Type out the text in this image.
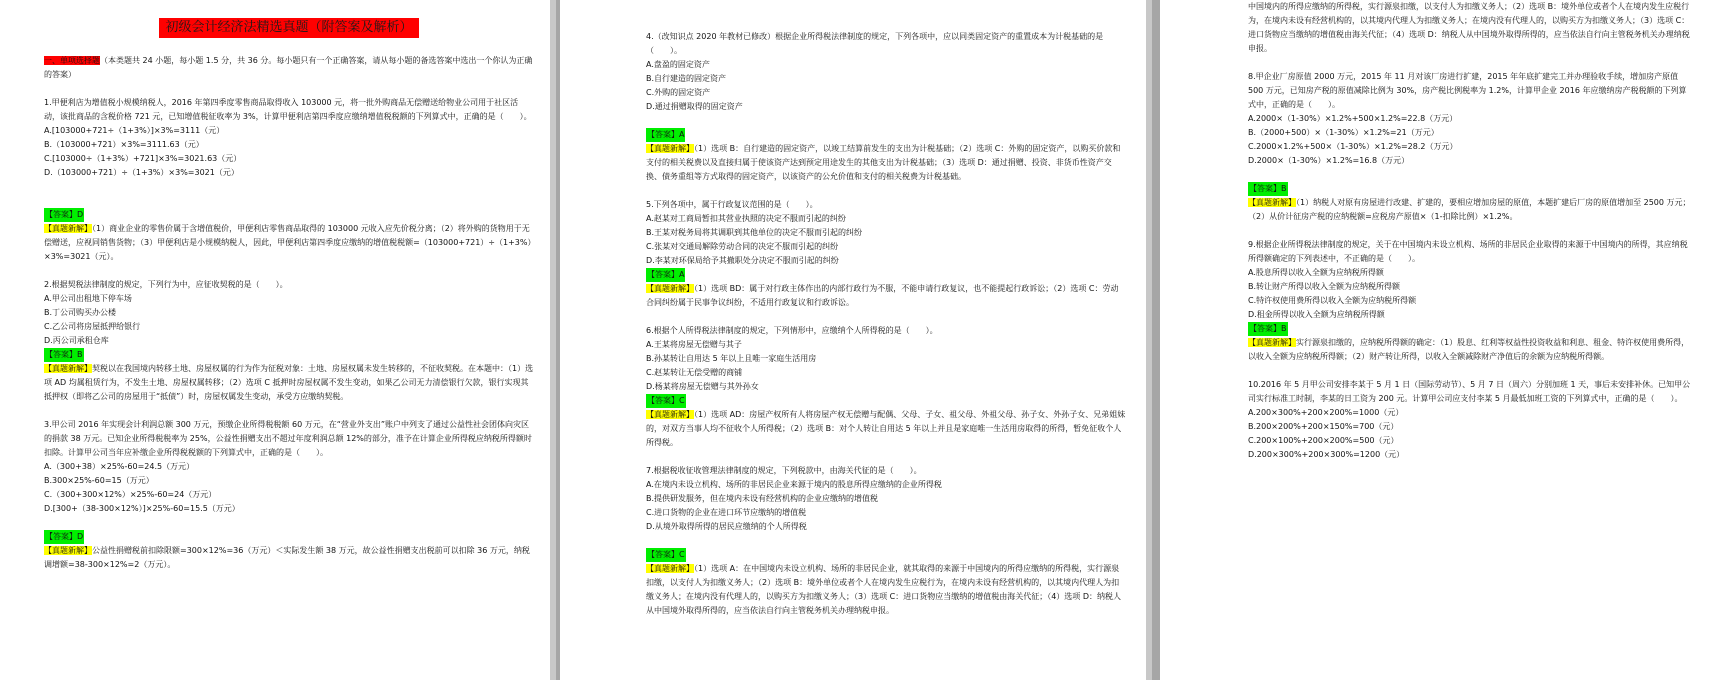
初级会计经济法精选真题（附答案及解析）

一、单项选择题（本类题共 24 小题，每小题 1.5 分，共 36 分。每小题只有一个正确答案，请从每小题的备选答案中选出一个你认为正确的答案）

1.甲便利店为增值税小规模纳税人，2016 年第四季度零售商品取得收入 103000 元，将一批外购商品无偿赠送给物业公司用于社区活动，该批商品的含税价格 721 元，已知增值税征收率为 3%，计算甲便利店第四季度应缴纳增值税税额的下列算式中，正确的是（　　）。

A.[103000+721÷（1+3%）]×3%=3111（元）

B.（103000+721）×3%=3111.63（元）

C.[103000÷（1+3%）+721]×3%=3021.63（元）

D.（103000+721）÷（1+3%）×3%=3021（元）

【答案】D

【真题新解】（1）商业企业的零售价属于含增值税价，甲便利店零售商品取得的 103000 元收入应先价税分离；（2）将外购的货物用于无偿赠送，应视同销售货物；（3）甲便利店是小规模纳税人，因此，甲便利店第四季度应缴纳的增值税税额=（103000+721）÷（1+3%）×3%=3021（元）。

2.根据契税法律制度的规定，下列行为中，应征收契税的是（　　）。

A.甲公司出租地下停车场

B.丁公司购买办公楼

C.乙公司将房屋抵押给银行

D.丙公司承租仓库

【答案】B

【真题新解】契税以在我国境内转移土地、房屋权属的行为作为征税对象：土地、房屋权属未发生转移的，不征收契税。在本题中：（1）选项 AD 均属租赁行为，不发生土地、房屋权属转移；（2）选项 C 抵押时房屋权属不发生变动，如果乙公司无力清偿银行欠款，银行实现其抵押权（即将乙公司的房屋用于“抵债”）时，房屋权属发生变动，承受方应缴纳契税。

3.甲公司 2016 年实现会计利润总额 300 万元，预缴企业所得税税额 60 万元，在“营业外支出”账户中列支了通过公益性社会团体向灾区的捐款 38 万元。已知企业所得税税率为 25%，公益性捐赠支出不超过年度利润总额 12%的部分，准予在计算企业所得税应纳税所得额时扣除。计算甲公司当年应补缴企业所得税税额的下列算式中，正确的是（　　）。

A.（300+38）×25%-60=24.5（万元）

B.300×25%-60=15（万元）

C.（300+300×12%）×25%-60=24（万元）

D.[300+（38-300×12%）]×25%-60=15.5（万元）

【答案】D

【真题新解】公益性捐赠税前扣除限额=300×12%=36（万元）＜实际发生额 38 万元，故公益性捐赠支出税前可以扣除 36 万元，纳税调增额=38-300×12%=2（万元）。

4.（改知识点 2020 年教材已修改）根据企业所得税法律制度的规定，下列各项中，应以同类固定资产的重置成本为计税基础的是（　　）。

A.盘盈的固定资产

B.自行建造的固定资产

C.外购的固定资产

D.通过捐赠取得的固定资产

【答案】A

【真题新解】（1）选项 B：自行建造的固定资产，以竣工结算前发生的支出为计税基础；（2）选项 C：外购的固定资产，以购买价款和支付的相关税费以及直接归属于使该资产达到预定用途发生的其他支出为计税基础；（3）选项 D：通过捐赠、投资、非货币性资产交换、债务重组等方式取得的固定资产，以该资产的公允价值和支付的相关税费为计税基础。

5.下列各项中，属于行政复议范围的是（　　）。

A.赵某对工商局暂扣其营业执照的决定不服而引起的纠纷

B.王某对税务局将其调职到其他单位的决定不服而引起的纠纷

C.张某对交通局解除劳动合同的决定不服而引起的纠纷

D.李某对环保局给予其撤职处分决定不服而引起的纠纷

【答案】A

【真题新解】（1）选项 BD：属于对行政主体作出的内部行政行为不服，不能申请行政复议，也不能提起行政诉讼；（2）选项 C：劳动合同纠纷属于民事争议纠纷，不适用行政复议和行政诉讼。

6.根据个人所得税法律制度的规定，下列情形中，应缴纳个人所得税的是（　　）。

A.王某将房屋无偿赠与其子

B.孙某转让自用达 5 年以上且唯一家庭生活用房

C.赵某转让无偿受赠的商铺

D.杨某将房屋无偿赠与其外孙女

【答案】C

【真题新解】（1）选项 AD：房屋产权所有人将房屋产权无偿赠与配偶、父母、子女、祖父母、外祖父母、孙子女、外孙子女、兄弟姐妹的，对双方当事人均不征收个人所得税；（2）选项 B：对个人转让自用达 5 年以上并且是家庭唯一生活用房取得的所得，暂免征收个人所得税。

7.根据税收征收管理法律制度的规定，下列税款中，由海关代征的是（　　）。

A.在境内未设立机构、场所的非居民企业来源于境内的股息所得应缴纳的企业所得税

B.提供研发服务，但在境内未设有经营机构的企业应缴纳的增值税

C.进口货物的企业在进口环节应缴纳的增值税

D.从境外取得所得的居民应缴纳的个人所得税

【答案】C

【真题新解】（1）选项 A：在中国境内未设立机构、场所的非居民企业，就其取得的来源于中国境内的所得应缴纳的所得税，实行源泉扣缴，以支付人为扣缴义务人；（2）选项 B：境外单位或者个人在境内发生应税行为，在境内未设有经营机构的，以其境内代理人为扣缴义务人；在境内没有代理人的，以购买方为扣缴义务人；（3）选项 C：进口货物应当缴纳的增值税由海关代征；（4）选项 D：纳税人从中国境外取得所得的，应当依法自行向主管税务机关办理纳税申报。

8.甲企业厂房原值 2000 万元，2015 年 11 月对该厂房进行扩建，2015 年年底扩建完工并办理验收手续，增加房产原值 500 万元，已知房产税的原值减除比例为 30%，房产税比例税率为 1.2%，计算甲企业 2016 年应缴纳房产税税额的下列算式中，正确的是（　　）。

A.2000×（1-30%）×1.2%+500×1.2%=22.8（万元）

B.（2000+500）×（1-30%）×1.2%=21（万元）

C.2000×1.2%+500×（1-30%）×1.2%=28.2（万元）

D.2000×（1-30%）×1.2%=16.8（万元）

【答案】B

【真题新解】（1）纳税人对原有房屋进行改建、扩建的，要相应增加房屋的原值，本题扩建后厂房的原值增加至 2500 万元；（2）从价计征房产税的应纳税额=应税房产原值×（1-扣除比例）×1.2%。

9.根据企业所得税法律制度的规定，关于在中国境内未设立机构、场所的非居民企业取得的来源于中国境内的所得，其应纳税所得额确定的下列表述中，不正确的是（　　）。

A.股息所得以收入全额为应纳税所得额

B.转让财产所得以收入全额为应纳税所得额

C.特许权使用费所得以收入全额为应纳税所得额

D.租金所得以收入全额为应纳税所得额

【答案】B

【真题新解】实行源泉扣缴的，应纳税所得额的确定：（1）股息、红利等权益性投资收益和利息、租金、特许权使用费所得，以收入全额为应纳税所得额；（2）财产转让所得，以收入全额减除财产净值后的余额为应纳税所得额。

10.2016 年 5 月甲公司安排李某于 5 月 1 日（国际劳动节）、5 月 7 日（周六）分别加班 1 天，事后未安排补休。已知甲公司实行标准工时制，李某的日工资为 200 元。计算甲公司应支付李某 5 月最低加班工资的下列算式中，正确的是（　　）。

A.200×300%+200×200%=1000（元）

B.200×200%+200×150%=700（元）

C.200×100%+200×200%=500（元）

D.200×300%+200×300%=1200（元）

中国境内的所得应缴纳的所得税，实行源泉扣缴，以支付人为扣缴义务人；（2）选项 B：境外单位或者个人在境内发生应税行为，在境内未设有经营机构的，以其境内代理人为扣缴义务人；在境内没有代理人的，以购买方为扣缴义务人；（3）选项 C：进口货物应当缴纳的增值税由海关代征；（4）选项 D：纳税人从中国境外取得所得的，应当依法自行向主管税务机关办理纳税申报。
